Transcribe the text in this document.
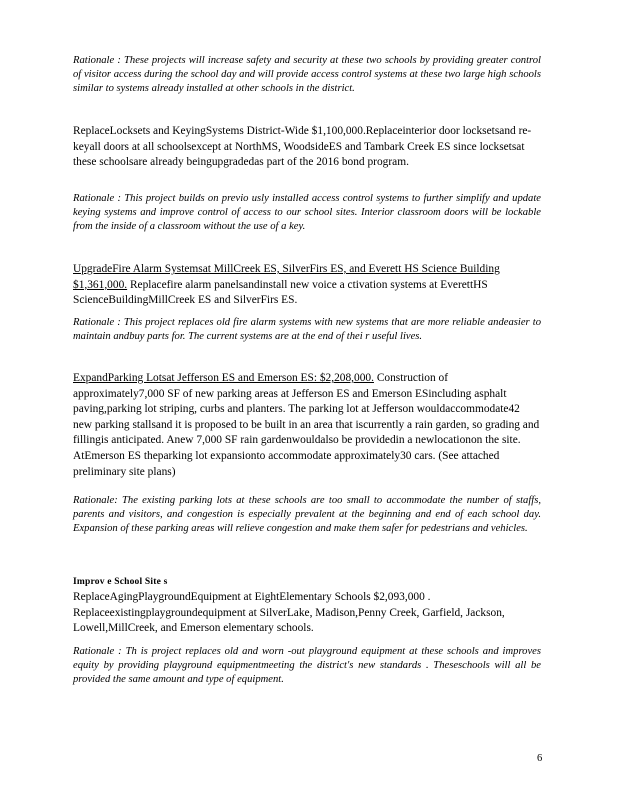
Rationale : These projects will increase safety and security at these two schools by providing greater control of visitor access during the school day and will provide access control systems at these two large high schools similar to systems already installed at other schools in the district.

ReplaceLocksets and KeyingSystems District-Wide $1,100,000.Replaceinterior door locksetsand re-keyall doors at all schoolsexcept at NorthMS, WoodsideES and Tambark Creek ES since locksetsat these schoolsare already beingupgradedas part of the 2016 bond program.

Rationale : This project builds on previo usly installed access control systems to further simplify and update keying systems and improve control of access to our school sites. Interior classroom doors will be lockable from the inside of a classroom without the use of a key.

UpgradeFire Alarm Systemsat MillCreek ES, SilverFirs ES, and Everett HS Science Building $1,361,000. Replacefire alarm panelsandinstall new voice a ctivation systems at EverettHS ScienceBuildingMillCreek ES and SilverFirs ES.

Rationale : This project replaces old fire alarm systems with new systems that are more reliable andeasier to maintain andbuy parts for. The current systems are at the end of thei r useful lives.

ExpandParking Lotsat Jefferson ES and Emerson ES: $2,208,000. Construction of approximately7,000 SF of new parking areas at Jefferson ES and Emerson ESincluding asphalt paving,parking lot striping, curbs and planters. The parking lot at Jefferson wouldaccommodate42 new parking stallsand it is proposed to be built in an area that iscurrently a rain garden, so grading and fillingis anticipated. Anew 7,000 SF rain gardenwouldalso be providedin a newlocationon the site. AtEmerson ES theparking lot expansionto accommodate approximately30 cars. (See attached preliminary site plans)

Rationale: The existing parking lots at these schools are too small to accommodate the number of staffs, parents and visitors, and congestion is especially prevalent at the beginning and end of each school day. Expansion of these parking areas will relieve congestion and make them safer for pedestrians and vehicles.

Improv e School Site s

ReplaceAgingPlaygroundEquipment at EightElementary Schools $2,093,000 . Replaceexistingplaygroundequipment at SilverLake, Madison,Penny Creek, Garfield, Jackson, Lowell,MillCreek, and Emerson elementary schools.

Rationale : Th is project replaces old and worn -out playground equipment at these schools and improves equity by providing playground equipmentmeeting the district's new standards . Theseschools will all be provided the same amount and type of equipment.

6
